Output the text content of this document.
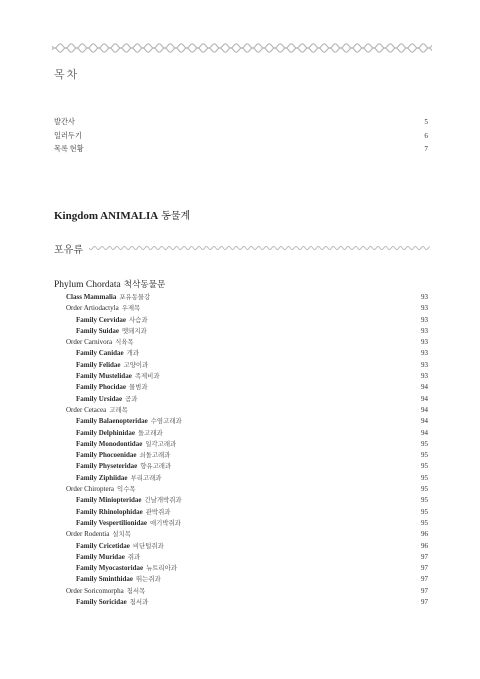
목차
발간사	5
일러두기	6
목록 현황	7
Kingdom ANIMALIA 동물계
포유류
Phylum Chordata 척삭동물문
Class Mammalia 포유동물강	93
Order Artiodactyla 우제목	93
Family Cervidae 사슴과	93
Family Suidae 멧돼지과	93
Order Carnivora 식육목	93
Family Canidae 개과	93
Family Felidae 고양이과	93
Family Mustelidae 족제비과	93
Family Phocidae 물범과	94
Family Ursidae 곰과	94
Order Cetacea 고래목	94
Family Balaenopteridae 수염고래과	94
Family Delphinidae 돌고래과	94
Family Monodontidae 일각고래과	95
Family Phocoenidae 쇠돌고래과	95
Family Physeteridae 향유고래과	95
Family Ziphiidae 부리고래과	95
Order Chiroptera 익수목	95
Family Miniopteridae 긴날개박쥐과	95
Family Rhinolophidae 관박쥐과	95
Family Vespertilionidae 애기박쥐과	95
Order Rodentia 설치목	96
Family Cricetidae 비단털쥐과	96
Family Muridae 쥐과	97
Family Myocastoridae 뉴트리아과	97
Family Sminthidae 뛰는쥐과	97
Order Soricomorpha 첨서목	97
Family Soricidae 첨서과	97
